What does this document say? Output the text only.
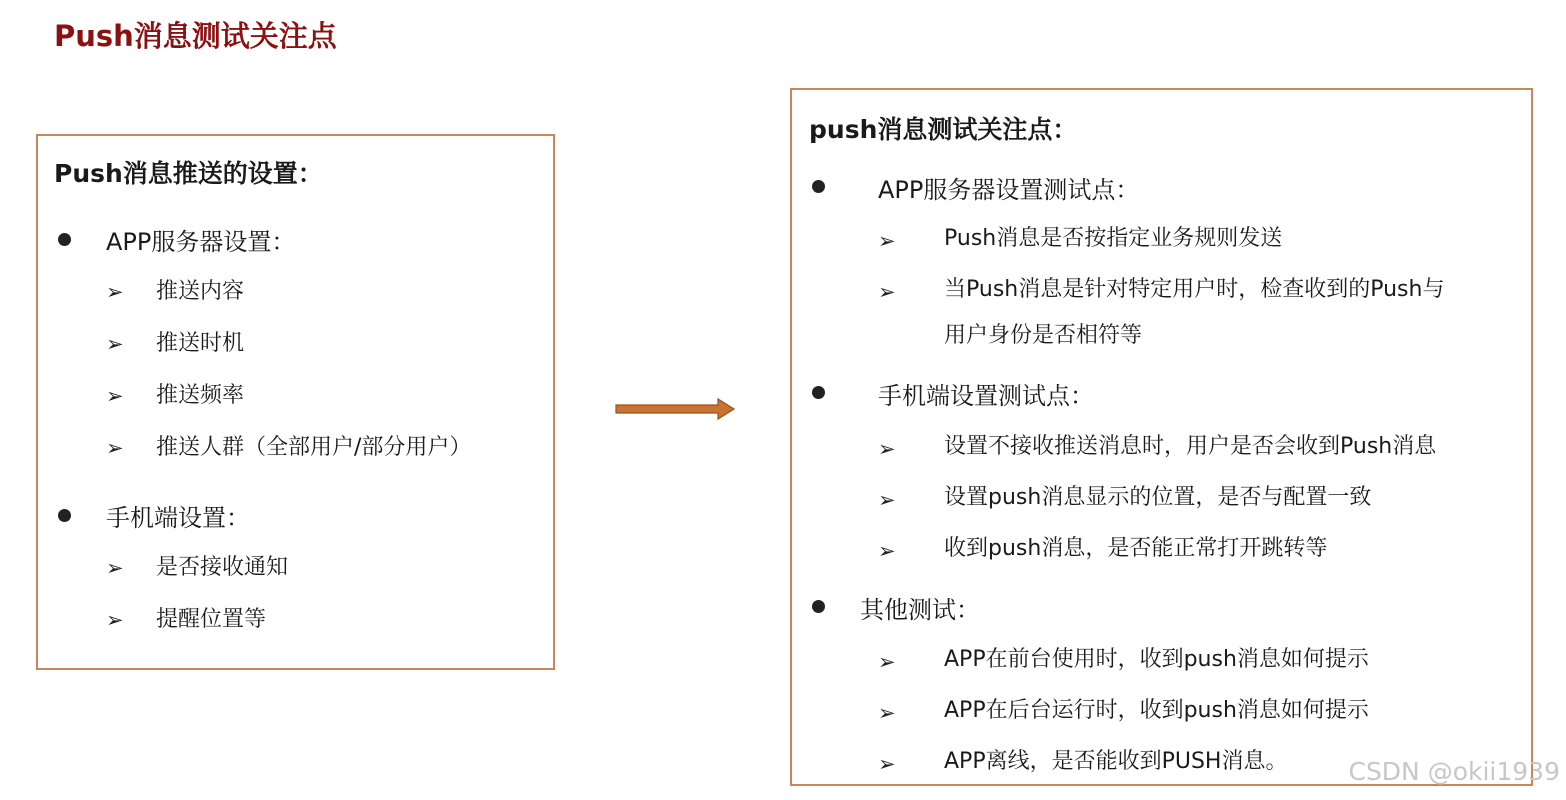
Push消息测试关注点
Push消息推送的设置：
APP服务器设置：
➢ 推送内容
➢ 推送时机
➢ 推送频率
➢ 推送人群（全部用户/部分用户）
手机端设置：
➢ 是否接收通知
➢ 提醒位置等
push消息测试关注点：
APP服务器设置测试点：
➢ Push消息是否按指定业务规则发送
➢ 当Push消息是针对特定用户时，检查收到的Push与
用户身份是否相符等
手机端设置测试点：
➢ 设置不接收推送消息时，用户是否会收到Push消息
➢ 设置push消息显示的位置，是否与配置一致
➢ 收到push消息，是否能正常打开跳转等
其他测试：
➢ APP在前台使用时，收到push消息如何提示
➢ APP在后台运行时，收到push消息如何提示
➢ APP离线，是否能收到PUSH消息。 CSDN @okii1939
